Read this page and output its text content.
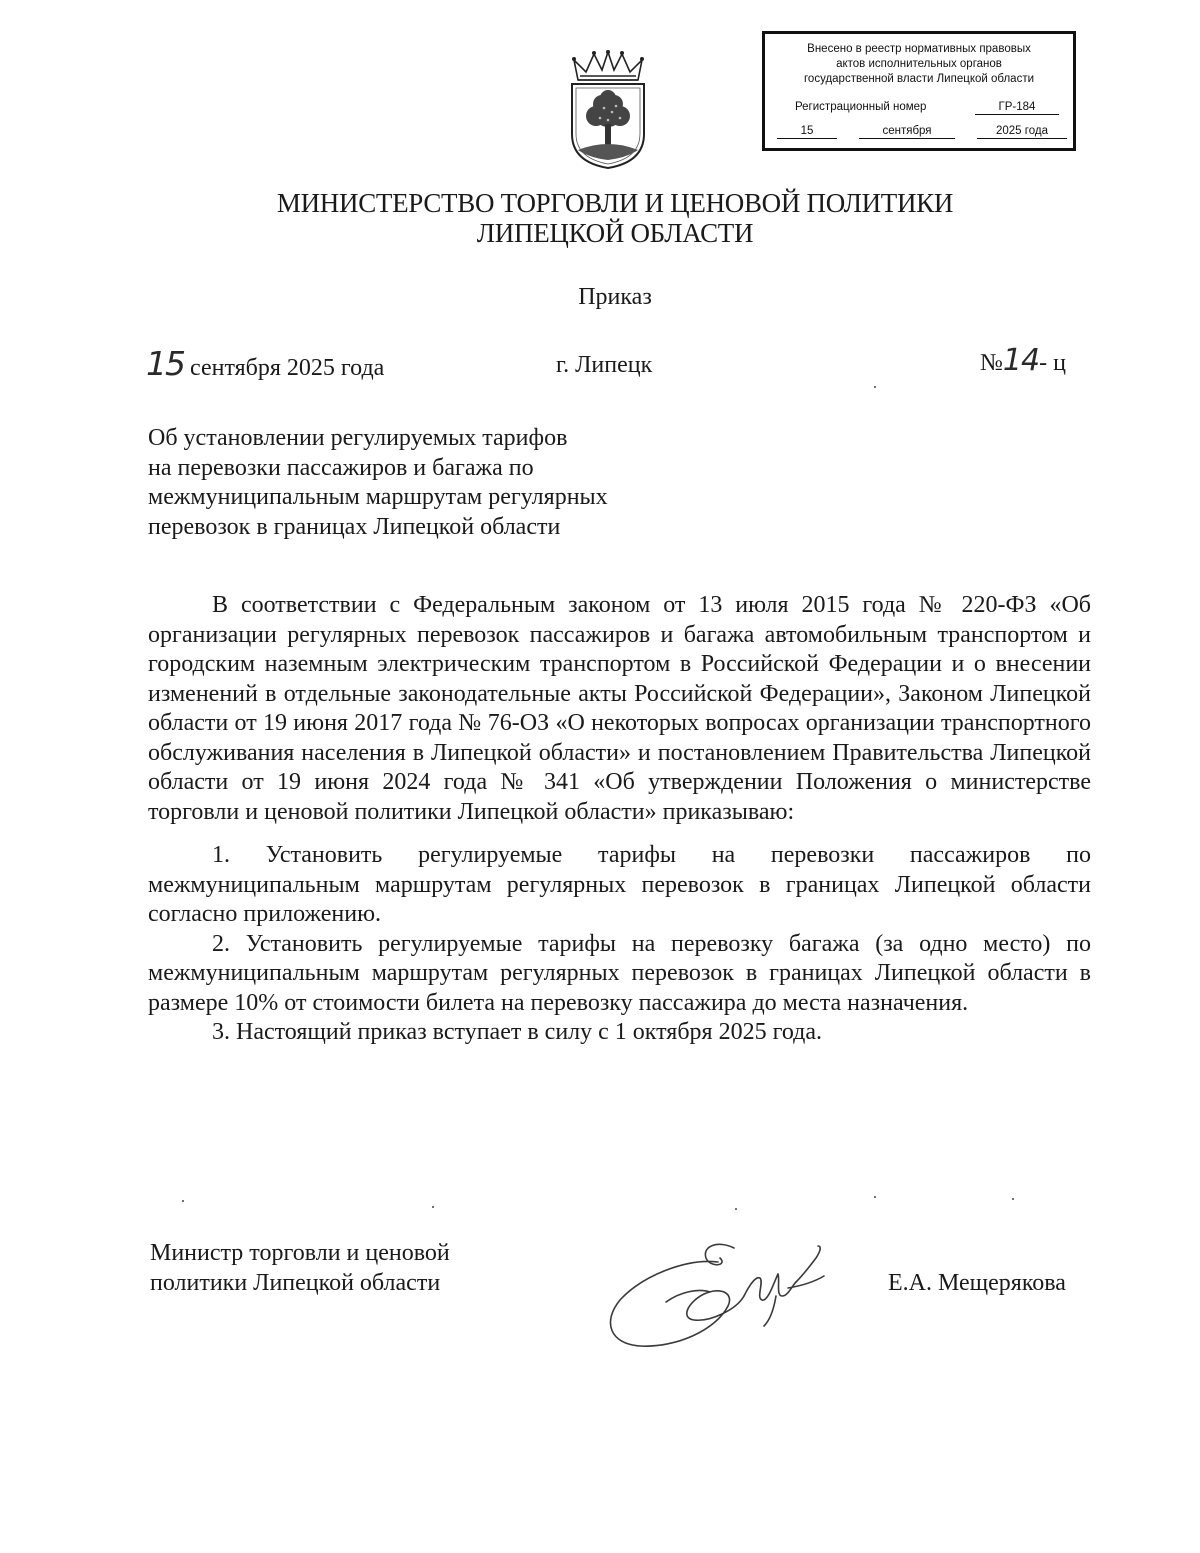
Внесено в реестр нормативных правовых
актов исполнительных органов
государственной власти Липецкой области
Регистрационный номер	ГР-184
15	сентября	2025 года
МИНИСТЕРСТВО ТОРГОВЛИ И ЦЕНОВОЙ ПОЛИТИКИ
ЛИПЕЦКОЙ ОБЛАСТИ
Приказ
15 сентября 2025 года	г. Липецк	№14- ц
Об установлении регулируемых тарифов
на перевозки пассажиров и багажа по
межмуниципальным маршрутам регулярных
перевозок в границах Липецкой области

В соответствии с Федеральным законом от 13 июля 2015 года № 220-ФЗ «Об организации регулярных перевозок пассажиров и багажа автомобильным транспортом и городским наземным электрическим транспортом в Российской Федерации и о внесении изменений в отдельные законодательные акты Российской Федерации», Законом Липецкой области от 19 июня 2017 года № 76-ОЗ «О некоторых вопросах организации транспортного обслуживания населения в Липецкой области» и постановлением Правительства Липецкой области от 19 июня 2024 года № 341 «Об утверждении Положения о министерстве торговли и ценовой политики Липецкой области» приказываю:

1. Установить регулируемые тарифы на перевозки пассажиров по межмуниципальным маршрутам регулярных перевозок в границах Липецкой области согласно приложению.

2. Установить регулируемые тарифы на перевозку багажа (за одно место) по межмуниципальным маршрутам регулярных перевозок в границах Липецкой области в размере 10% от стоимости билета на перевозку пассажира до места назначения.

3. Настоящий приказ вступает в силу с 1 октября 2025 года.

Министр торговли и ценовой
политики Липецкой области	Е.А. Мещерякова
